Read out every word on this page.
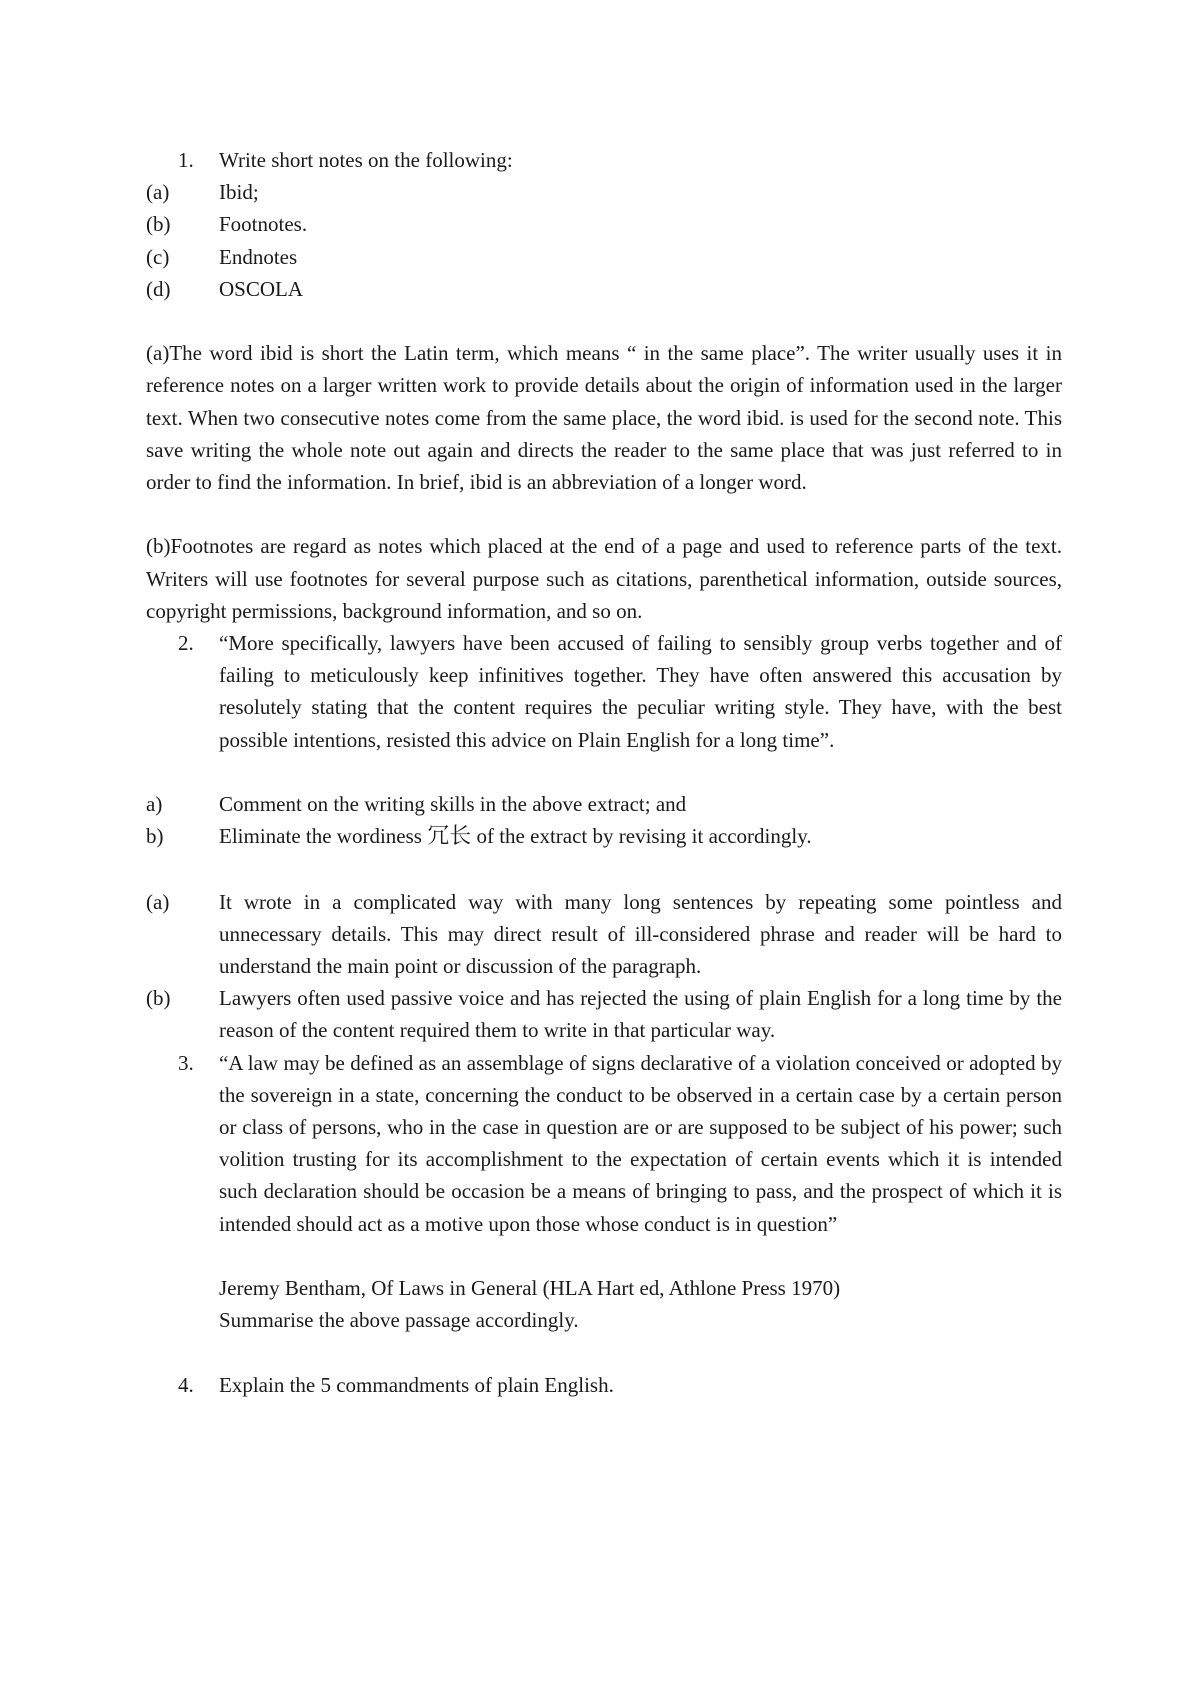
1. Write short notes on the following:
(a) Ibid;
(b) Footnotes.
(c) Endnotes
(d) OSCOLA
(a)The word ibid is short the Latin term, which means “ in the same place”. The writer usually uses it in reference notes on a larger written work to provide details about the origin of information used in the larger text. When two consecutive notes come from the same place, the word ibid. is used for the second note. This save writing the whole note out again and directs the reader to the same place that was just referred to in order to find the information. In brief, ibid is an abbreviation of a longer word.
(b)Footnotes are regard as notes which placed at the end of a page and used to reference parts of the text. Writers will use footnotes for several purpose such as citations, parenthetical information, outside sources, copyright permissions, background information, and so on.
2. “More specifically, lawyers have been accused of failing to sensibly group verbs together and of failing to meticulously keep infinitives together. They have often answered this accusation by resolutely stating that the content requires the peculiar writing style. They have, with the best possible intentions, resisted this advice on Plain English for a long time”.
a)	Comment on the writing skills in the above extract; and
b)	Eliminate the wordiness 冗长 of the extract by revising it accordingly.
(a) It wrote in a complicated way with many long sentences by repeating some pointless and unnecessary details. This may direct result of ill-considered phrase and reader will be hard to understand the main point or discussion of the paragraph.
(b) Lawyers often used passive voice and has rejected the using of plain English for a long time by the reason of the content required them to write in that particular way.
3. “A law may be defined as an assemblage of signs declarative of a violation conceived or adopted by the sovereign in a state, concerning the conduct to be observed in a certain case by a certain person or class of persons, who in the case in question are or are supposed to be subject of his power; such volition trusting for its accomplishment to the expectation of certain events which it is intended such declaration should be occasion be a means of bringing to pass, and the prospect of which it is intended should act as a motive upon those whose conduct is in question”
Jeremy Bentham, Of Laws in General (HLA Hart ed, Athlone Press 1970)
Summarise the above passage accordingly.
4. Explain the 5 commandments of plain English.
